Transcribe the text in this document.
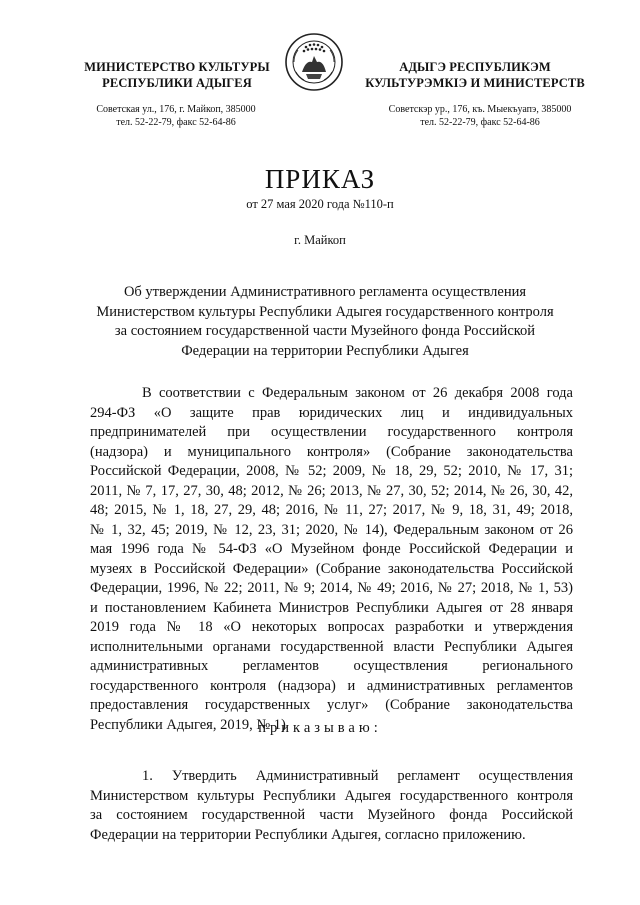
МИНИСТЕРСТВО КУЛЬТУРЫ
РЕСПУБЛИКИ АДЫГЕЯ
АДЫГЭ РЕСПУБЛИКЭМ
КУЛЬТУРЭМКIЭ И МИНИСТЕРСТВ
Советская ул., 176, г. Майкоп, 385000
тел. 52-22-79, факс 52-64-86
Советскэр ур., 176, къ. Мыекъуапэ, 385000
тел. 52-22-79, факс 52-64-86
ПРИКАЗ
от 27 мая 2020 года №110-п
г. Майкоп
Об утверждении Административного регламента осуществления
Министерством культуры Республики Адыгея государственного контроля
за состоянием государственной части Музейного фонда Российской
Федерации на территории Республики Адыгея
В соответствии с Федеральным законом от 26 декабря 2008 года
294-ФЗ «О защите прав юридических лиц и индивидуальных
предпринимателей при осуществлении государственного контроля
(надзора) и муниципального контроля» (Собрание законодательства
Российской Федерации, 2008, № 52; 2009, № 18, 29, 52; 2010, № 17, 31;
2011, № 7, 17, 27, 30, 48; 2012, № 26; 2013, № 27, 30, 52; 2014, № 26, 30, 42,
48; 2015, № 1, 18, 27, 29, 48; 2016, № 11, 27; 2017, № 9, 18, 31, 49; 2018,
№ 1, 32, 45; 2019, № 12, 23, 31; 2020, № 14), Федеральным законом от 26
мая 1996 года № 54-ФЗ «О Музейном фонде Российской Федерации и
музеях в Российской Федерации» (Собрание законодательства Российской
Федерации, 1996, № 22; 2011, № 9; 2014, № 49; 2016, № 27; 2018, № 1, 53)
и постановлением Кабинета Министров Республики Адыгея от 28 января
2019 года № 18 «О некоторых вопросах разработки и утверждения
исполнительными органами государственной власти Республики Адыгея
административных регламентов осуществления регионального
государственного контроля (надзора) и административных регламентов
предоставления государственных услуг» (Собрание законодательства
Республики Адыгея, 2019, № 1)
приказываю:
1. Утвердить Административный регламент осуществления
Министерством культуры Республики Адыгея государственного контроля
за состоянием государственной части Музейного фонда Российской
Федерации на территории Республики Адыгея, согласно приложению.
